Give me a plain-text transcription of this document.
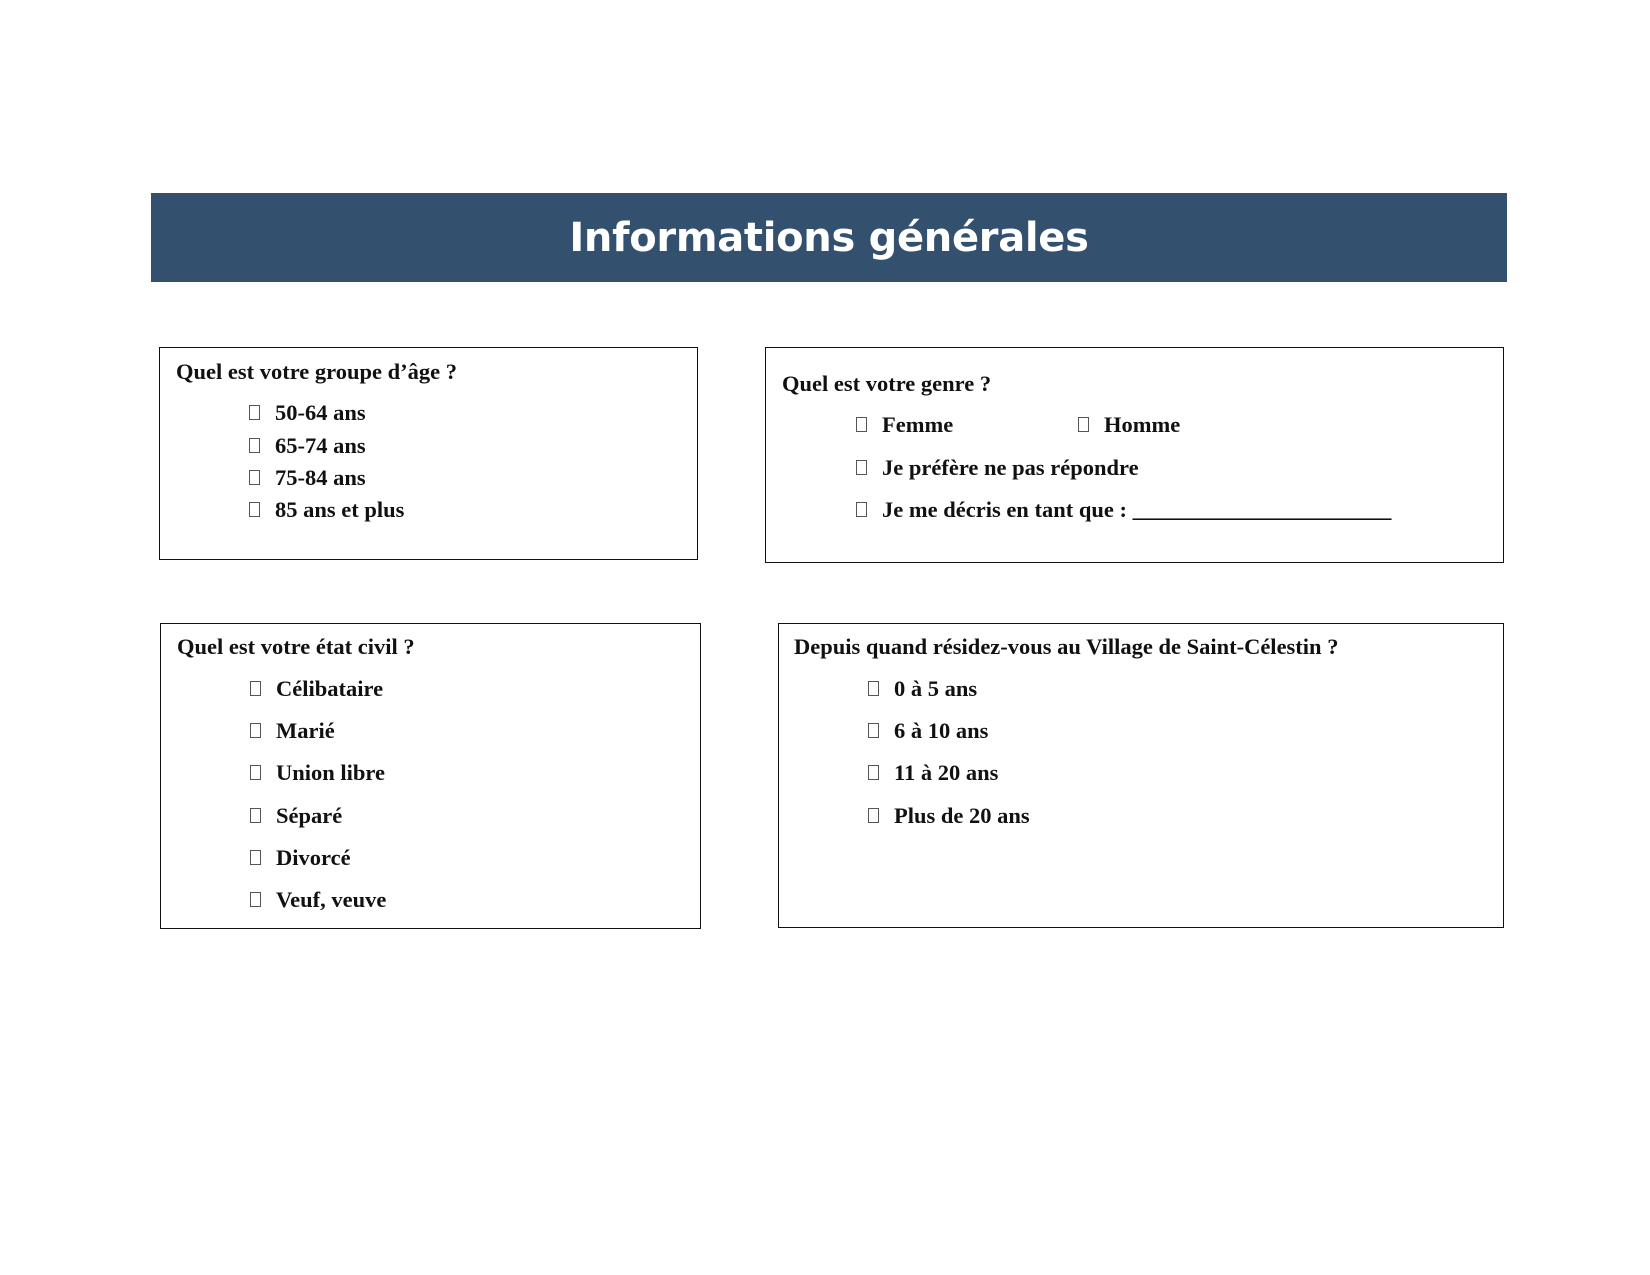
Informations générales
Quel est votre groupe d’âge ?
50-64 ans
65-74 ans
75-84 ans
85 ans et plus
Quel est votre genre ?
Femme	Homme
Je préfère ne pas répondre
Je me décris en tant que : _______________________
Quel est votre état civil ?
Célibataire
Marié
Union libre
Séparé
Divorcé
Veuf, veuve
Depuis quand résidez-vous au Village de Saint-Célestin ?
0 à 5 ans
6 à 10 ans
11 à 20 ans
Plus de 20 ans
